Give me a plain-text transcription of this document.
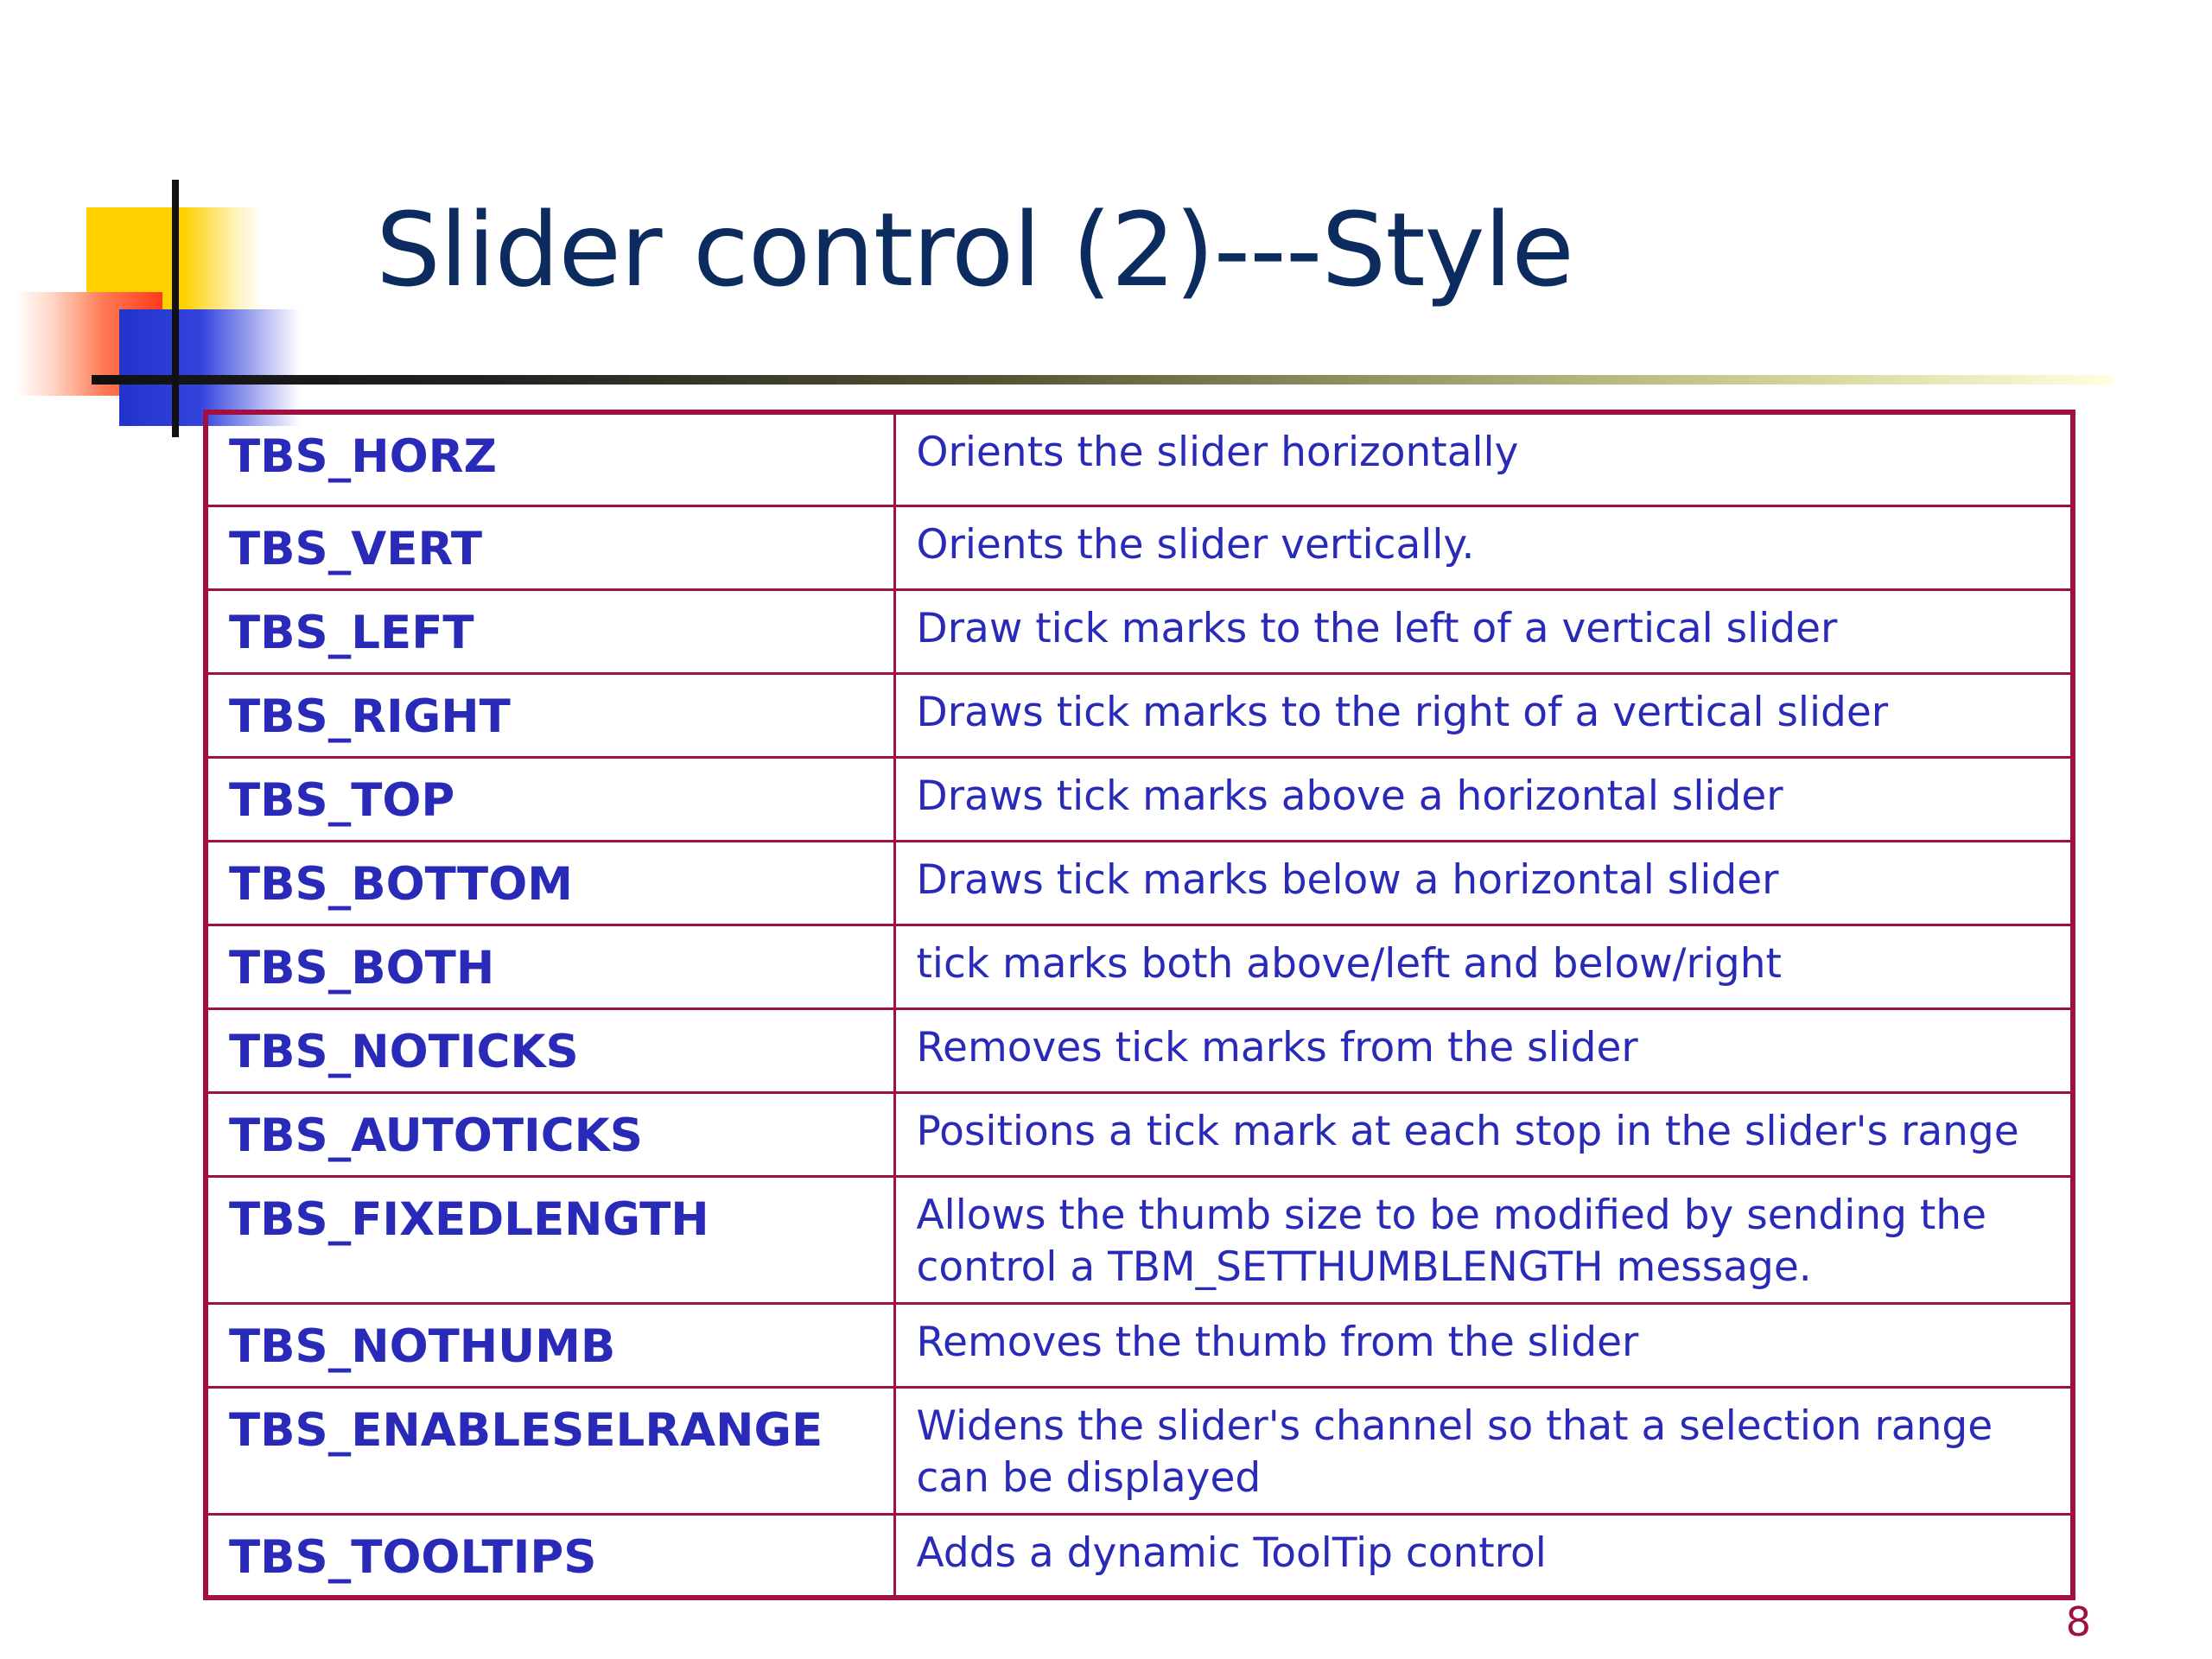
Slider control (2)---Style
TBS_HORZ	Orients the slider horizontally
TBS_VERT	Orients the slider vertically.
TBS_LEFT	Draw tick marks to the left of a vertical slider
TBS_RIGHT	Draws tick marks to the right of a vertical slider
TBS_TOP	Draws tick marks above a horizontal slider
TBS_BOTTOM	Draws tick marks below a horizontal slider
TBS_BOTH	tick marks both above/left and below/right
TBS_NOTICKS	Removes tick marks from the slider
TBS_AUTOTICKS	Positions a tick mark at each stop in the slider's range
TBS_FIXEDLENGTH	Allows the thumb size to be modified by sending the control a TBM_SETTHUMBLENGTH message.
TBS_NOTHUMB	Removes the thumb from the slider
TBS_ENABLESELRANGE	Widens the slider's channel so that a selection range can be displayed
TBS_TOOLTIPS	Adds a dynamic ToolTip control
8
